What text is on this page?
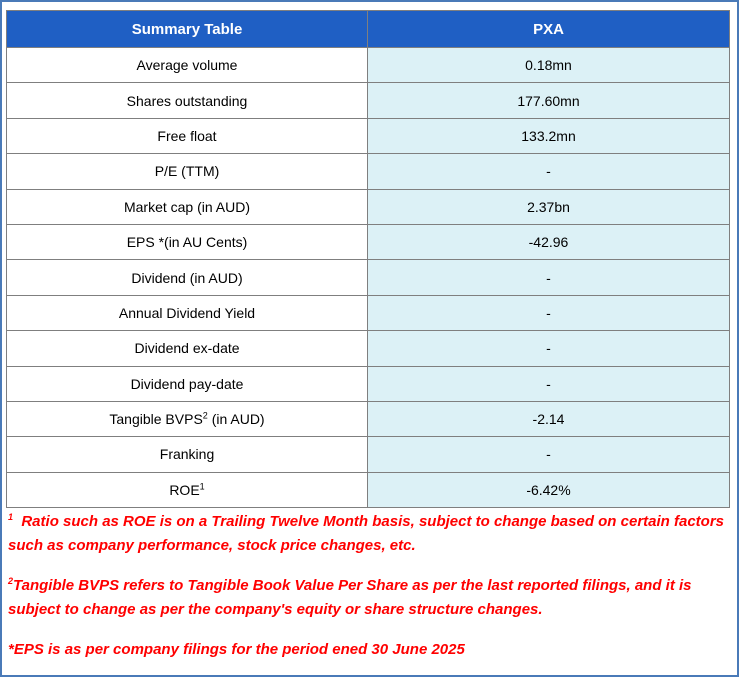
Summary Table	PXA
Average volume	0.18mn
Shares outstanding	177.60mn
Free float	133.2mn
P/E (TTM)	-
Market cap (in AUD)	2.37bn
EPS *(in AU Cents)	-42.96
Dividend (in AUD)	-
Annual Dividend Yield	-
Dividend ex-date	-
Dividend pay-date	-
Tangible BVPS$^2$ (in AUD)	-2.14
Franking	-
ROE$^1$	-6.42%

$^1$  Ratio such as ROE is on a Trailing Twelve Month basis, subject to change based on certain factors such as company performance, stock price changes, etc.

$^2$Tangible BVPS refers to Tangible Book Value Per Share as per the last reported filings, and it is subject to change as per the company's equity or share structure changes.

*EPS is as per company filings for the period ened 30 June 2025
